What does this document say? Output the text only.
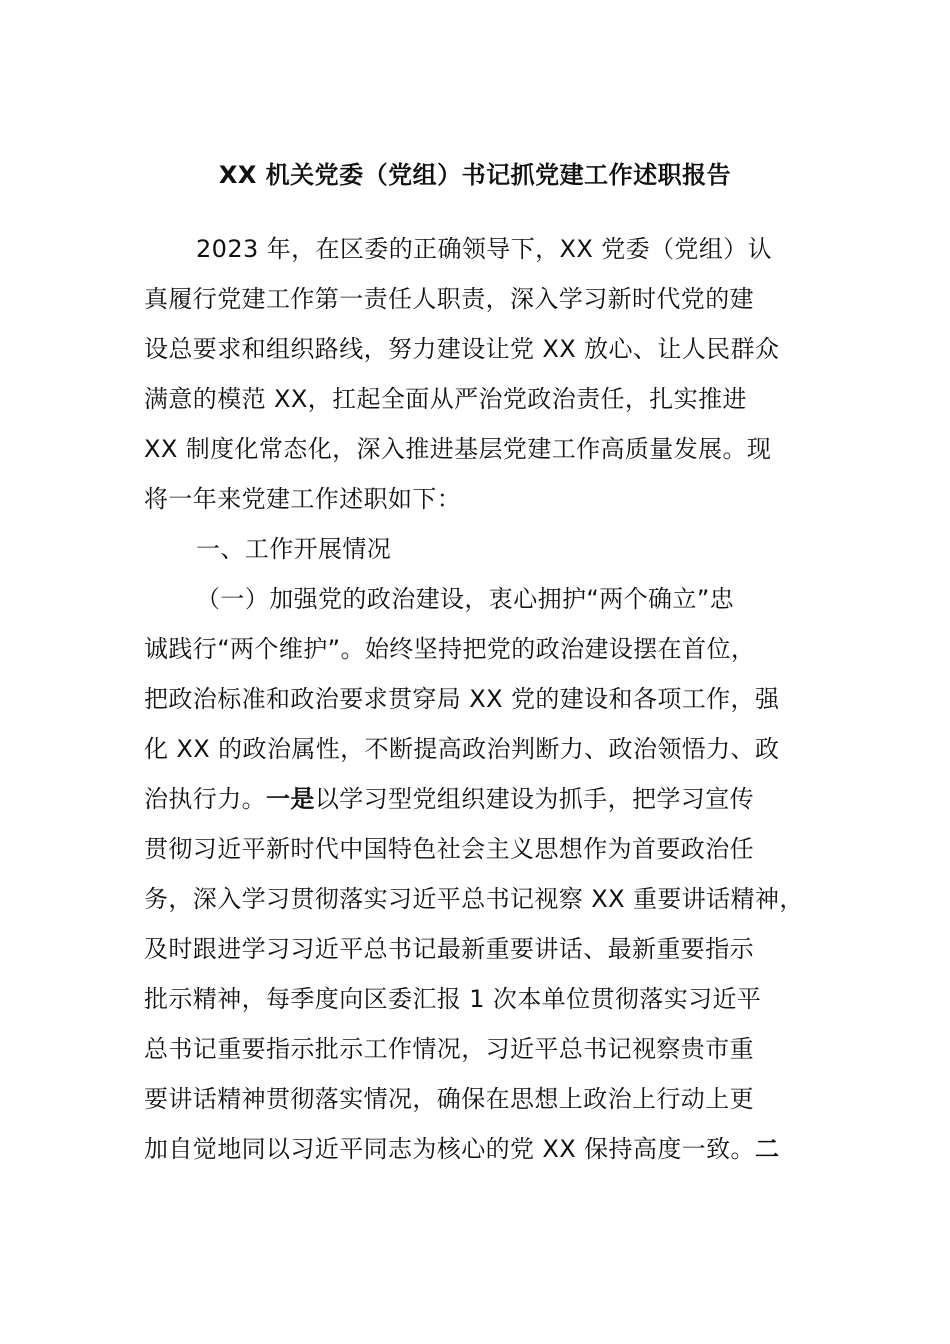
XX 机关党委（党组）书记抓党建工作述职报告
2023 年，在区委的正确领导下，XX 党委（党组）认
真履行党建工作第一责任人职责，深入学习新时代党的建
设总要求和组织路线，努力建设让党 XX 放心、让人民群众
满意的模范 XX，扛起全面从严治党政治责任，扎实推进
XX 制度化常态化，深入推进基层党建工作高质量发展。现
将一年来党建工作述职如下：
一、工作开展情况
（一）加强党的政治建设，衷心拥护“两个确立”忠
诚践行“两个维护”。始终坚持把党的政治建设摆在首位，
把政治标准和政治要求贯穿局 XX 党的建设和各项工作，强
化 XX 的政治属性，不断提高政治判断力、政治领悟力、政
治执行力。一是以学习型党组织建设为抓手，把学习宣传
贯彻习近平新时代中国特色社会主义思想作为首要政治任
务，深入学习贯彻落实习近平总书记视察 XX 重要讲话精神，
及时跟进学习习近平总书记最新重要讲话、最新重要指示
批示精神，每季度向区委汇报 1 次本单位贯彻落实习近平
总书记重要指示批示工作情况，习近平总书记视察贵市重
要讲话精神贯彻落实情况，确保在思想上政治上行动上更
加自觉地同以习近平同志为核心的党 XX 保持高度一致。二
